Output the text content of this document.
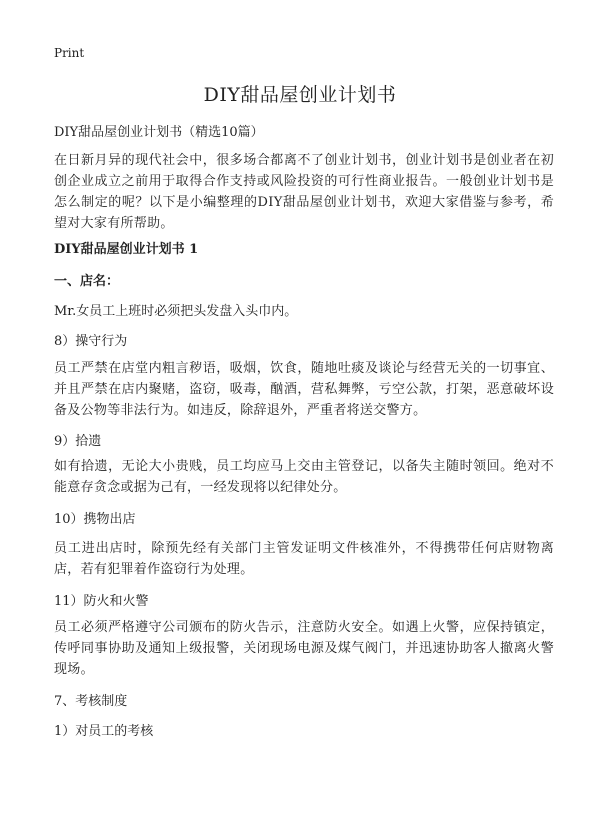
Print
DIY甜品屋创业计划书

DIY甜品屋创业计划书（精选10篇）

在日新月异的现代社会中，很多场合都离不了创业计划书，创业计划书是创业者在初创企业成立之前用于取得合作支持或风险投资的可行性商业报告。一般创业计划书是怎么制定的呢？以下是小编整理的DIY甜品屋创业计划书，欢迎大家借鉴与参考，希望对大家有所帮助。

DIY甜品屋创业计划书 1

一、店名：

Mr.女员工上班时必须把头发盘入头巾内。

8）操守行为

员工严禁在店堂内粗言秽语，吸烟，饮食，随地吐痰及谈论与经营无关的一切事宜、并且严禁在店内聚赌，盗窃，吸毒，酗酒，营私舞弊，亏空公款，打架，恶意破坏设备及公物等非法行为。如违反，除辞退外，严重者将送交警方。

9）拾遗

如有拾遗，无论大小贵贱，员工均应马上交由主管登记，以备失主随时领回。绝对不能意存贪念或据为己有，一经发现将以纪律处分。

10）携物出店

员工进出店时，除预先经有关部门主管发证明文件核准外，不得携带任何店财物离店，若有犯罪着作盗窃行为处理。

11）防火和火警

员工必须严格遵守公司颁布的防火告示，注意防火安全。如遇上火警，应保持镇定，传呼同事协助及通知上级报警，关闭现场电源及煤气阀门，并迅速协助客人撤离火警现场。

7、考核制度

1）对员工的考核
